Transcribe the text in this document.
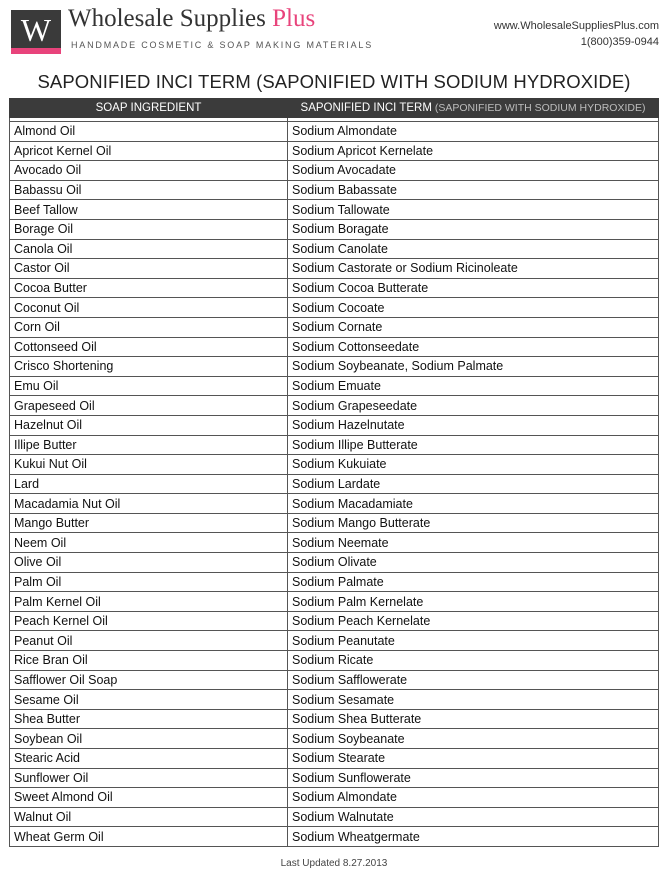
W Wholesale Supplies Plus
HANDMADE COSMETIC & SOAP MAKING MATERIALS
www.WholesaleSuppliesPlus.com
1(800)359-0944
SAPONIFIED INCI TERM (SAPONIFIED WITH SODIUM HYDROXIDE)
SOAP INGREDIENT	SAPONIFIED INCI TERM (SAPONIFIED WITH SODIUM HYDROXIDE)

Almond Oil	Sodium Almondate
Apricot Kernel Oil	Sodium Apricot Kernelate
Avocado Oil	Sodium Avocadate
Babassu Oil	Sodium Babassate
Beef Tallow	Sodium Tallowate
Borage Oil	Sodium Boragate
Canola Oil	Sodium Canolate
Castor Oil	Sodium Castorate or Sodium Ricinoleate
Cocoa Butter	Sodium Cocoa Butterate
Coconut Oil	Sodium Cocoate
Corn Oil	Sodium Cornate
Cottonseed Oil	Sodium Cottonseedate
Crisco Shortening	Sodium Soybeanate, Sodium Palmate
Emu Oil	Sodium Emuate
Grapeseed Oil	Sodium Grapeseedate
Hazelnut Oil	Sodium Hazelnutate
Illipe Butter	Sodium Illipe Butterate
Kukui Nut Oil	Sodium Kukuiate
Lard	Sodium Lardate
Macadamia Nut Oil	Sodium Macadamiate
Mango Butter	Sodium Mango Butterate
Neem Oil	Sodium Neemate
Olive Oil	Sodium Olivate
Palm Oil	Sodium Palmate
Palm Kernel Oil	Sodium Palm Kernelate
Peach Kernel Oil	Sodium Peach Kernelate
Peanut Oil	Sodium Peanutate
Rice Bran Oil	Sodium Ricate
Safflower Oil Soap	Sodium Safflowerate
Sesame Oil	Sodium Sesamate
Shea Butter	Sodium Shea Butterate
Soybean Oil	Sodium Soybeanate
Stearic Acid	Sodium Stearate
Sunflower Oil	Sodium Sunflowerate
Sweet Almond Oil	Sodium Almondate
Walnut Oil	Sodium Walnutate
Wheat Germ Oil	Sodium Wheatgermate
Last Updated 8.27.2013
